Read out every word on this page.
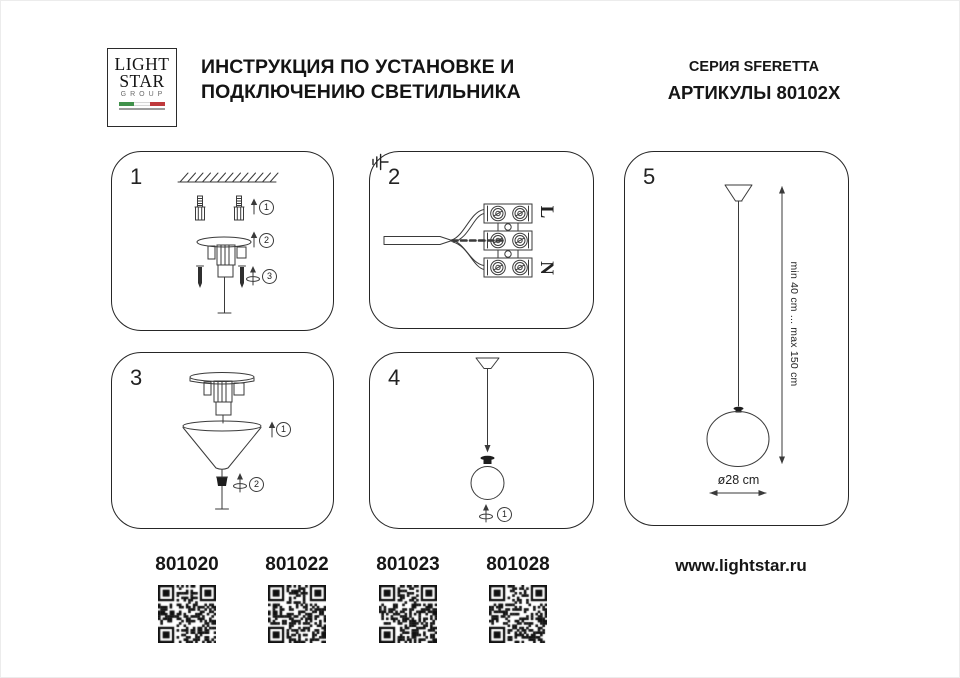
LIGHT
STAR
GROUP
ИНСТРУКЦИЯ ПО УСТАНОВКЕ И
ПОДКЛЮЧЕНИЮ СВЕТИЛЬНИКА
СЕРИЯ SFERETTA
АРТИКУЛЫ 80102X
1
1
2
3
2
L
N
3
1
2
4
1
5
min 40 cm ... max 150 cm
ø28 cm
801020	801022	801023	801028	www.lightstar.ru
